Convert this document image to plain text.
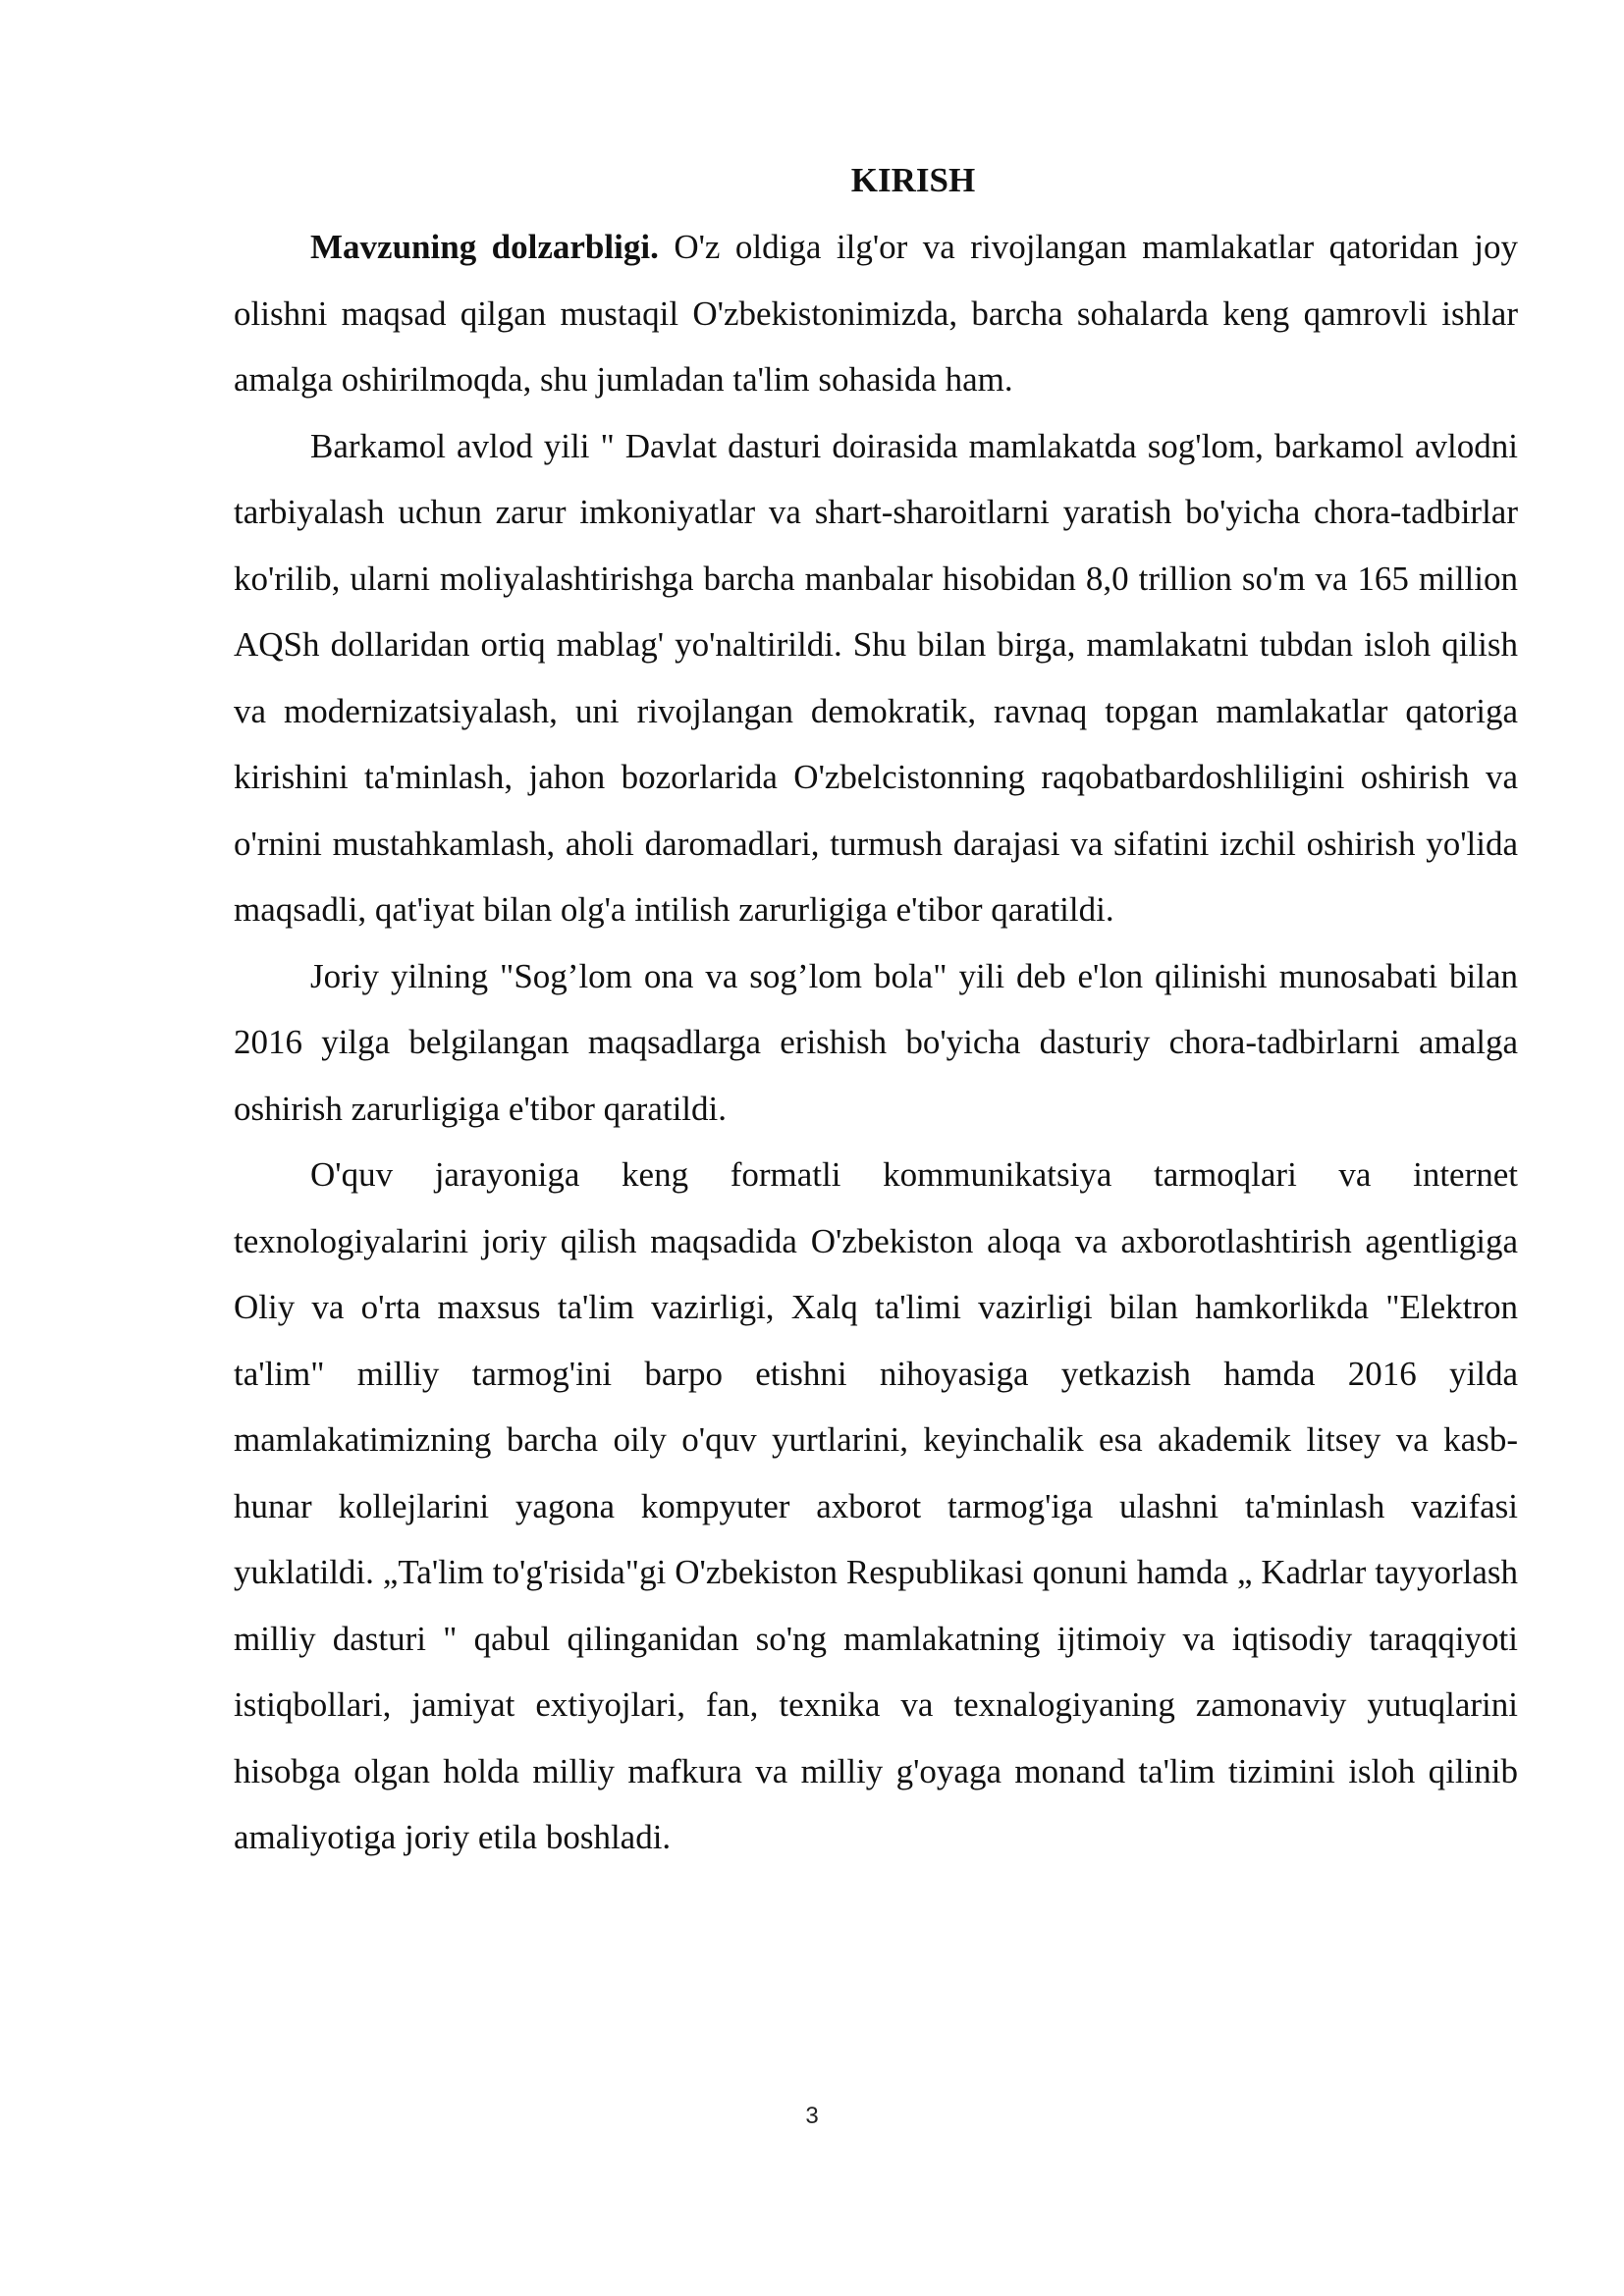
KIRISH

Mavzuning dolzarbligi. O'z oldiga ilg'or va rivojlangan mamlakatlar qatoridan joy olishni maqsad qilgan mustaqil O'zbekistonimizda, barcha sohalarda keng qamrovli ishlar amalga oshirilmoqda, shu jumladan ta'lim sohasida ham.

Barkamol avlod yili " Davlat dasturi doirasida mamlakatda sog'lom, barkamol avlodni tarbiyalash uchun zarur imkoniyatlar va shart-sharoitlarni yaratish bo'yicha chora-tadbirlar ko'rilib, ularni moliyalashtirishga barcha manbalar hisobidan 8,0 trillion so'm va 165 million AQSh dollaridan ortiq mablag' yo'naltirildi. Shu bilan birga, mamlakatni tubdan isloh qilish va modernizatsiyalash, uni rivojlangan demokratik, ravnaq topgan mamlakatlar qatoriga kirishini ta'minlash, jahon bozorlarida O'zbelcistonning raqobatbardoshliligini oshirish va o'rnini mustahkamlash, aholi daromadlari, turmush darajasi va sifatini izchil oshirish yo'lida maqsadli, qat'iyat bilan olg'a intilish zarurligiga e'tibor qaratildi.

Joriy yilning "Sog’lom ona va sog’lom bola" yili deb e'lon qilinishi munosabati bilan 2016 yilga belgilangan maqsadlarga erishish bo'yicha dasturiy chora-tadbirlarni amalga oshirish zarurligiga e'tibor qaratildi.

O'quv jarayoniga keng formatli kommunikatsiya tarmoqlari va internet texnologiyalarini joriy qilish maqsadida O'zbekiston aloqa va axborotlashtirish agentligiga Oliy va o'rta maxsus ta'lim vazirligi, Xalq ta'limi vazirligi bilan hamkorlikda "Elektron ta'lim" milliy tarmog'ini barpo etishni nihoyasiga yetkazish hamda 2016 yilda mamlakatimizning barcha oily o'quv yurtlarini, keyinchalik esa akademik litsey va kasb-hunar kollejlarini yagona kompyuter axborot tarmog'iga ulashni ta'minlash vazifasi yuklatildi. „Ta'lim to'g'risida"gi O'zbekiston Respublikasi qonuni hamda „ Kadrlar tayyorlash milliy dasturi " qabul qilinganidan so'ng mamlakatning ijtimoiy va iqtisodiy taraqqiyoti istiqbollari, jamiyat extiyojlari, fan, texnika va texnalogiyaning zamonaviy yutuqlarini hisobga olgan holda milliy mafkura va milliy g'oyaga monand ta'lim tizimini isloh qilinib amaliyotiga joriy etila boshladi.

3
